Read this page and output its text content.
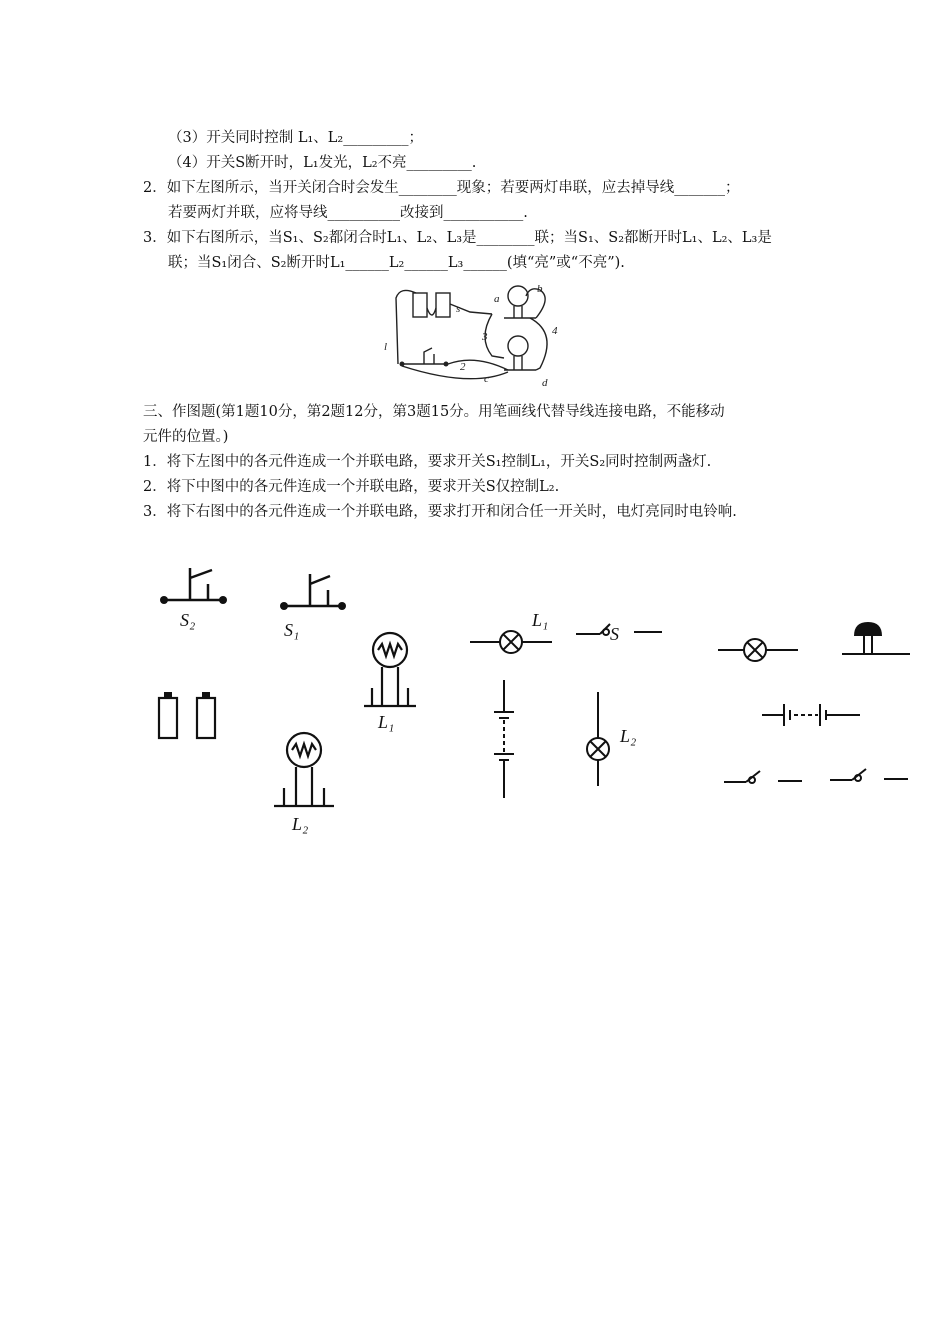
（3）开关同时控制 L₁、L₂_________；
（4）开关S断开时，L₁发光，L₂不亮_________.
2．如下左图所示，当开关闭合时会发生________现象；若要两灯串联，应去掉导线_______；
若要两灯并联，应将导线__________改接到___________.
3．如下右图所示，当S₁、S₂都闭合时L₁、L₂、L₃是________联；当S₁、S₂都断开时L₁、L₂、L₃是
联；当S₁闭合、S₂断开时L₁______L₂______L₃______(填“亮”或“不亮”).
a
b
s
3	4
l
2
c	d
三、作图题(第1题10分，第2题12分，第3题15分。用笔画线代替导线连接电路，不能移动
元件的位置。)
1．将下左图中的各元件连成一个并联电路，要求开关S₁控制L₁，开关S₂同时控制两盏灯.
2．将下中图中的各元件连成一个并联电路，要求开关S仅控制L₂.
3．将下右图中的各元件连成一个并联电路，要求打开和闭合任一开关时，电灯亮同时电铃响.
S₂	S₁
L₁
L₂
L₁
S
L₂
